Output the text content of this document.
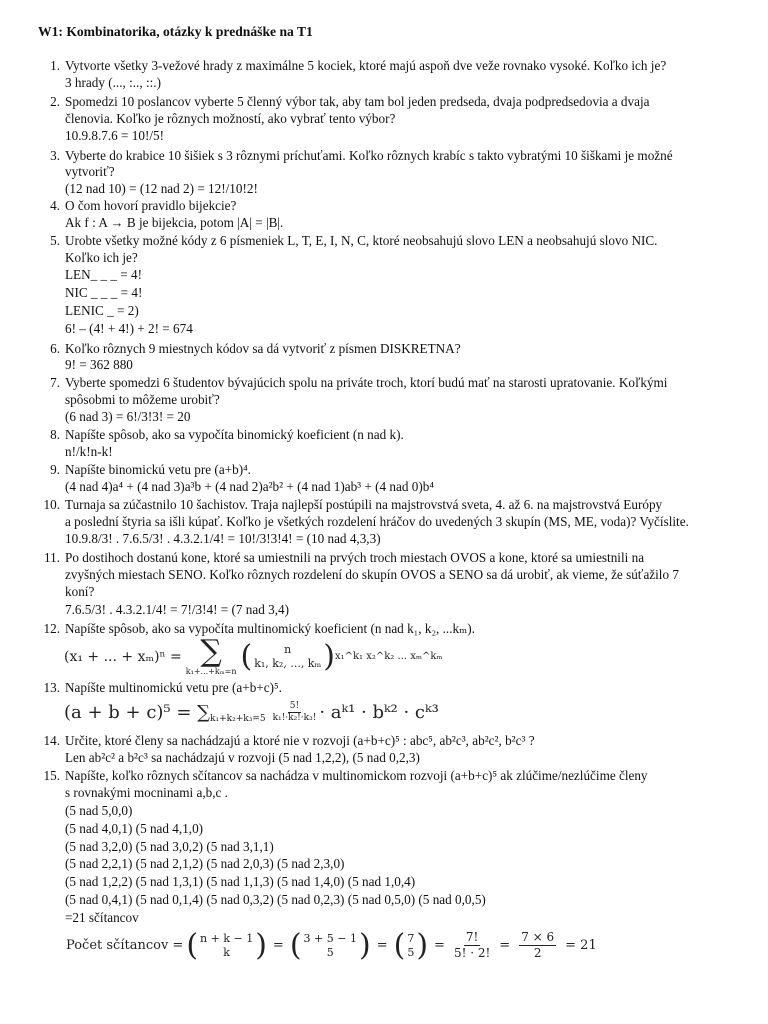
W1: Kombinatorika, otázky k prednáške na T1
1.
2.
3.
4.
5.
6.
7.
8.
9.
10.
11.
12.
13.
14.
15.
Vytvorte všetky 3-vežové hrady z maximálne 5 kociek, ktoré majú aspoň dve veže rovnako vysoké. Koľko ich je?
3 hrady (..., :.., ::.)
Spomedzi 10 poslancov vyberte 5 členný výbor tak, aby tam bol jeden predseda, dvaja podpredsedovia a dvaja
členovia. Koľko je rôznych možností, ako vybrať tento výbor?
10.9.8.7.6 = 10!/5!
Vyberte do krabice 10 šišiek s 3 rôznymi príchuťami. Koľko rôznych krabíc s takto vybratými 10 šiškami je možné
vytvoriť?
(12 nad 10) = (12 nad 2) = 12!/10!2!
O čom hovorí pravidlo bijekcie?
Ak f : A → B je bijekcia, potom |A| = |B|.
Urobte všetky možné kódy z 6 písmeniek L, T, E, I, N, C, ktoré neobsahujú slovo LEN a neobsahujú slovo NIC.
Koľko ich je?
LEN_ _ _ = 4!
NIC _ _ _ = 4!
LENIC _ = 2)
6! – (4! + 4!) + 2! = 674
Koľko rôznych 9 miestnych kódov sa dá vytvoriť z písmen DISKRETNA?
9! = 362 880
Vyberte spomedzi 6 študentov bývajúcich spolu na priváte troch, ktorí budú mať na starosti upratovanie. Koľkými
spôsobmi to môžeme urobiť?
(6 nad 3) = 6!/3!3! = 20
Napíšte spôsob, ako sa vypočíta binomický koeficient (n nad k).
n!/k!n-k!
Napíšte binomickú vetu pre (a+b)⁴.
(4 nad 4)a⁴ + (4 nad 3)a³b + (4 nad 2)a²b² + (4 nad 1)ab³ + (4 nad 0)b⁴
Turnaja sa zúčastnilo 10 šachistov. Traja najlepší postúpili na majstrovstvá sveta, 4. až 6. na majstrovstvá Európy
a poslední štyria sa išli kúpať. Koľko je všetkých rozdelení hráčov do uvedených 3 skupín (MS, ME, voda)? Vyčíslite.
10.9.8/3! . 7.6.5/3! . 4.3.2.1/4! = 10!/3!3!4! = (10 nad 4,3,3)
Po dostihoch dostanú kone, ktoré sa umiestnili na prvých troch miestach OVOS a kone, ktoré sa umiestnili na
zvyšných miestach SENO. Koľko rôznych rozdelení do skupín OVOS a SENO sa dá urobiť, ak vieme, že súťažilo 7
koní?
7.6.5/3! . 4.3.2.1/4! = 7!/3!4! = (7 nad 3,4)
Napíšte spôsob, ako sa vypočíta multinomický koeficient (n nad k₁, k₂, ...kₘ).
(x₁ + ... + xₘ)ⁿ = ∑
k₁+...+kₘ=n (	n
k₁, k₂, ..., kₘ ) x₁^k₁ x₂^k₂ ... xₘ^kₘ
Napíšte multinomickú vetu pre (a+b+c)⁵.
(a + b + c)⁵ = ∑ $k_1+k_2+k_3=5 \frac{5!}{\text{k₁!·k₂!·k₃!}}$ · aᵏ¹ · bᵏ² · cᵏ³
Určite, ktoré členy sa nachádzajú a ktoré nie v rozvoji (a+b+c)⁵ : abc⁵, ab²c³, ab²c², b²c³ ?
Len ab²c² a b²c³ sa nachádzajú v rozvoji (5 nad 1,2,2), (5 nad 0,2,3)
Napíšte, koľko rôznych sčítancov sa nachádza v multinomickom rozvoji (a+b+c)⁵ ak zlúčime/nezlúčime členy
s rovnakými mocninami a,b,c .
(5 nad 5,0,0)
(5 nad 4,0,1) (5 nad 4,1,0)
(5 nad 3,2,0) (5 nad 3,0,2) (5 nad 3,1,1)
(5 nad 2,2,1) (5 nad 2,1,2) (5 nad 2,0,3) (5 nad 2,3,0)
(5 nad 1,2,2) (5 nad 1,3,1) (5 nad 1,1,3) (5 nad 1,4,0) (5 nad 1,0,4)
(5 nad 0,4,1) (5 nad 0,1,4) (5 nad 0,3,2) (5 nad 0,2,3) (5 nad 0,5,0) (5 nad 0,0,5)
=21 sčítancov
Počet sčítancov = ( n + k − 1
k ) = ( 3 + 5 − 1
5 ) = ( 7
5 ) = $\frac{7!}{5! \cdot 2!} = \frac{7 \times 6}{2} = 21$
